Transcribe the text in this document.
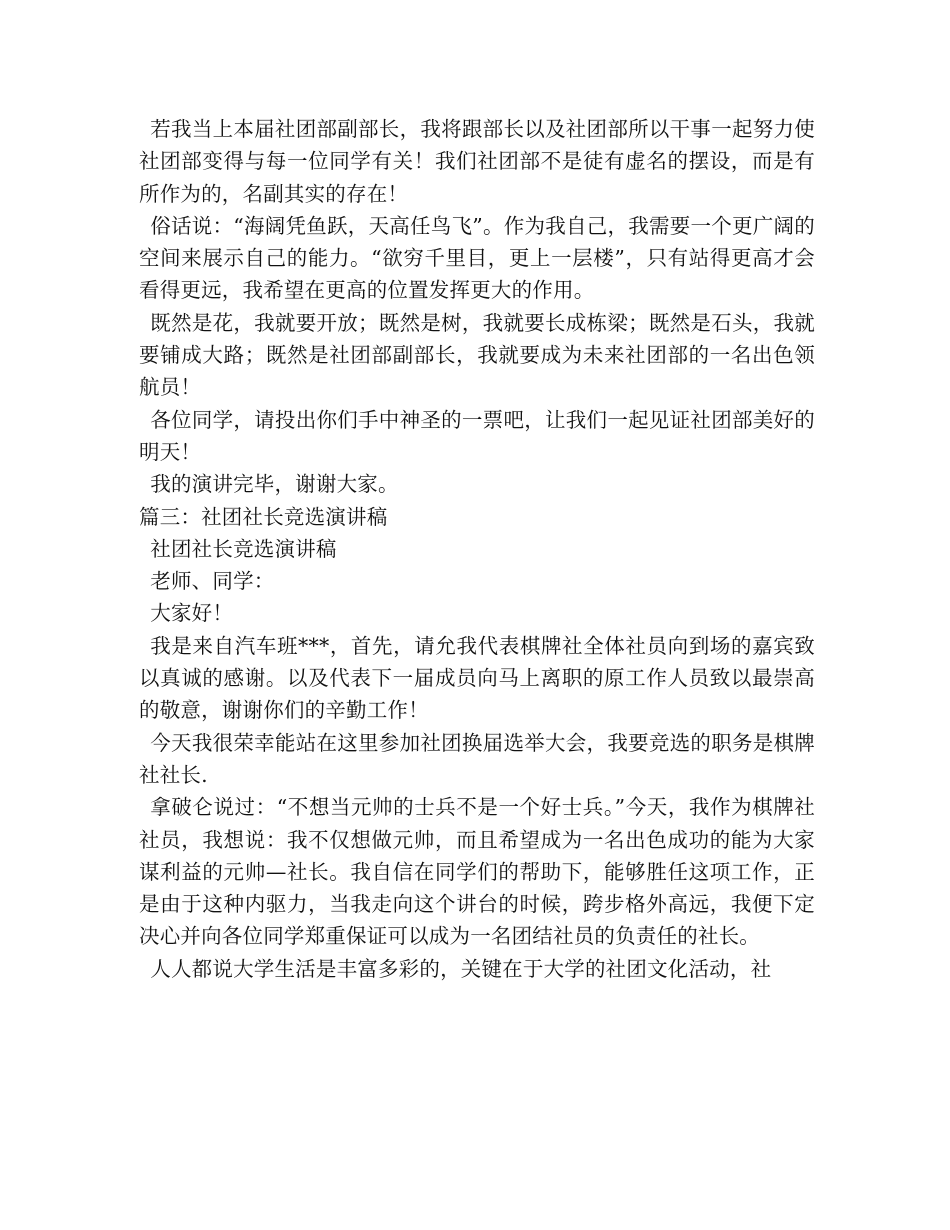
若我当上本届社团部副部长，我将跟部长以及社团部所以干事一起努力使社团部变得与每一位同学有关！我们社团部不是徒有虚名的摆设，而是有所作为的，名副其实的存在！

俗话说：“海阔凭鱼跃，天高任鸟飞”。作为我自己，我需要一个更广阔的空间来展示自己的能力。“欲穷千里目，更上一层楼”，只有站得更高才会看得更远，我希望在更高的位置发挥更大的作用。

既然是花，我就要开放；既然是树，我就要长成栋梁；既然是石头，我就要铺成大路；既然是社团部副部长，我就要成为未来社团部的一名出色领航员！

各位同学，请投出你们手中神圣的一票吧，让我们一起见证社团部美好的明天！

我的演讲完毕，谢谢大家。

篇三：社团社长竞选演讲稿

社团社长竞选演讲稿

老师、同学：

大家好！

我是来自汽车班***，首先，请允我代表棋牌社全体社员向到场的嘉宾致以真诚的感谢。以及代表下一届成员向马上离职的原工作人员致以最崇高的敬意，谢谢你们的辛勤工作！

今天我很荣幸能站在这里参加社团换届选举大会，我要竞选的职务是棋牌社社长.

拿破仑说过：“不想当元帅的士兵不是一个好士兵。”今天，我作为棋牌社社员，我想说：我不仅想做元帅，而且希望成为一名出色成功的能为大家谋利益的元帅—社长。我自信在同学们的帮助下，能够胜任这项工作，正是由于这种内驱力，当我走向这个讲台的时候，跨步格外高远，我便下定决心并向各位同学郑重保证可以成为一名团结社员的负责任的社长。

人人都说大学生活是丰富多彩的，关键在于大学的社团文化活动，社
